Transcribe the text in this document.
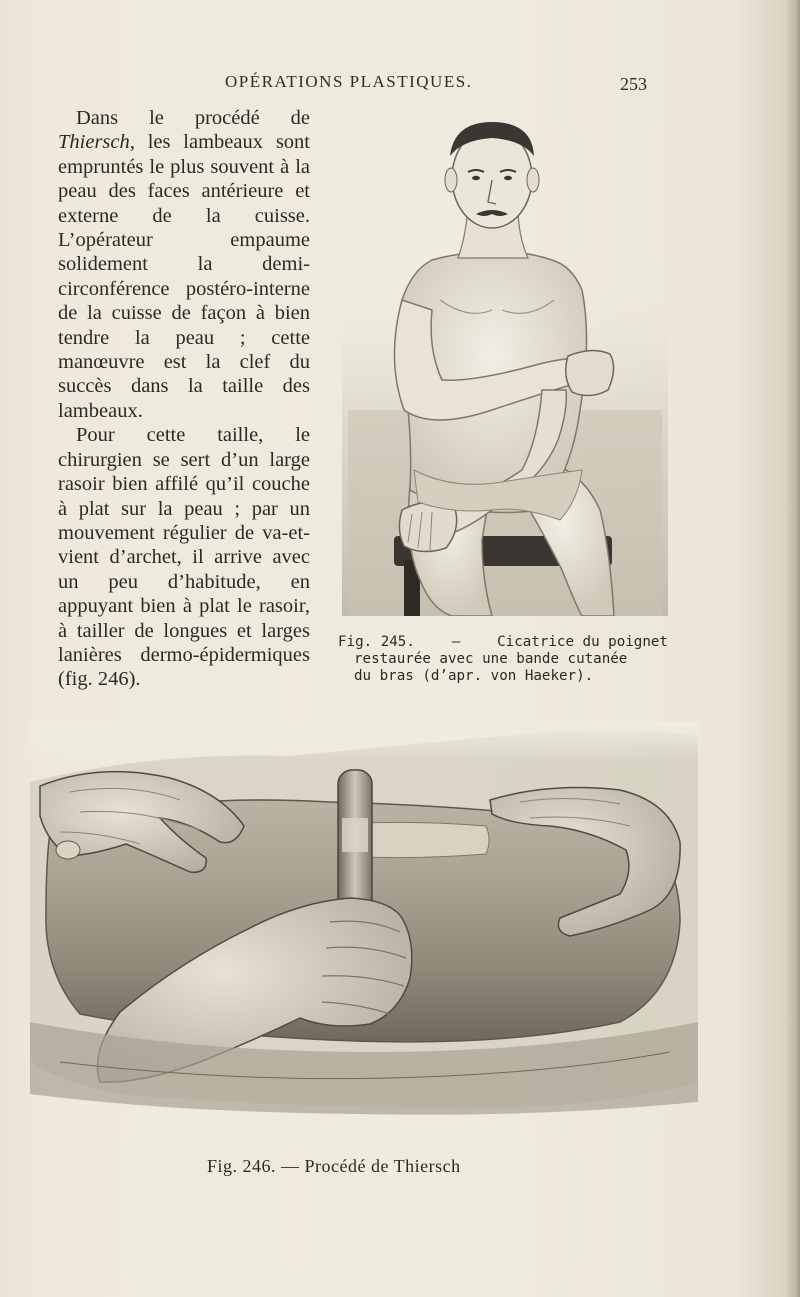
OPÉRATIONS PLASTIQUES.	253

Dans le procédé de Thiersch, les lambeaux sont empruntés le plus souvent à la peau des faces antérieure et externe de la cuisse. L’opérateur empaume solidement la demi-circonférence postéro-interne de la cuisse de façon à bien tendre la peau ; cette manœuvre est la clef du succès dans la taille des lambeaux.

Pour cette taille, le chirurgien se sert d’un large rasoir bien affilé qu’il couche à plat sur la peau ; par un mouvement régulier de va-et-vient d’archet, il arrive avec un peu d’habitude, en appuyant bien à plat le rasoir, à tailler de longues et larges lanières dermo-épidermiques (fig. 246).

Fig. 245.	—	Cicatrice du poignet
restaurée avec une bande cutanée
du bras (d’apr. von Haeker).
Fig. 246. — Procédé de Thiersch
